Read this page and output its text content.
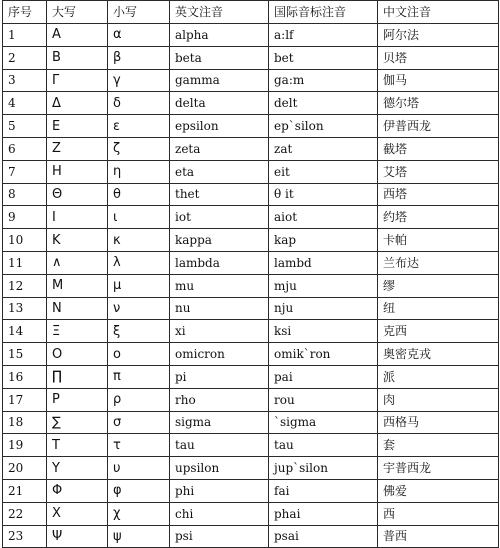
序号	大写	小写	英文注音	国际音标注音	中文注音
1	Α	α	alpha	a:lf	阿尔法
2	Β	β	beta	bet	贝塔
3	Γ	γ	gamma	ga:m	伽马
4	Δ	δ	delta	delt	德尔塔
5	Ε	ε	epsilon	ep`silon	伊普西龙
6	Ζ	ζ	zeta	zat	截塔
7	Η	η	eta	eit	艾塔
8	Θ	θ	thet	θ it	西塔
9	Ι	ι	iot	aiot	约塔
10	Κ	κ	kappa	kap	卡帕
11	∧	λ	lambda	lambd	兰布达
12	Μ	μ	mu	mju	缪
13	Ν	ν	nu	nju	纽
14	Ξ	ξ	xi	ksi	克西
15	Ο	ο	omicron	omik`ron	奥密克戎
16	∏	π	pi	pai	派
17	Ρ	ρ	rho	rou	肉
18	∑	σ	sigma	`sigma	西格马
19	Τ	τ	tau	tau	套
20	Υ	υ	upsilon	jup`silon	宇普西龙
21	Φ	φ	phi	fai	佛爱
22	Χ	χ	chi	phai	西
23	Ψ	ψ	psi	psai	普西
